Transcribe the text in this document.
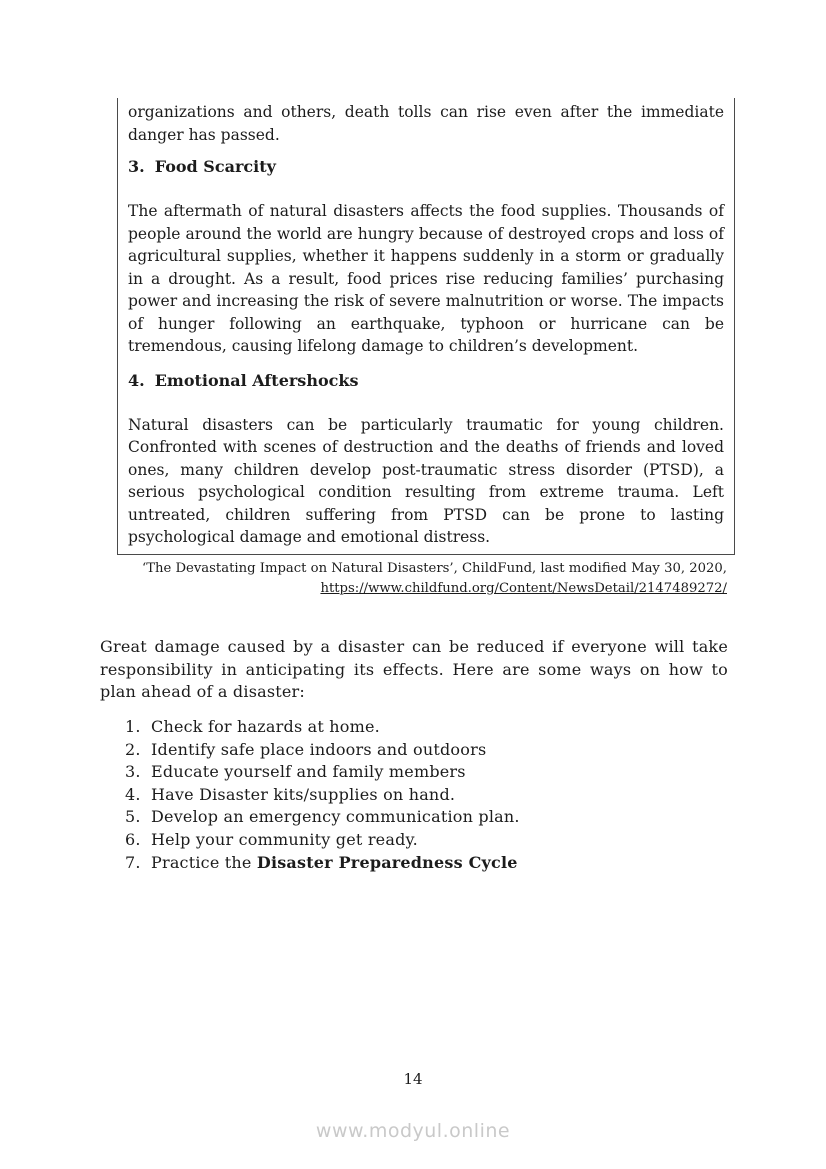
organizations and others, death tolls can rise even after the immediate danger has passed.

3. Food Scarcity

The aftermath of natural disasters affects the food supplies. Thousands of people around the world are hungry because of destroyed crops and loss of agricultural supplies, whether it happens suddenly in a storm or gradually in a drought. As a result, food prices rise reducing families’ purchasing power and increasing the risk of severe malnutrition or worse. The impacts of hunger following an earthquake, typhoon or hurricane can be tremendous, causing lifelong damage to children’s development.

4. Emotional Aftershocks

Natural disasters can be particularly traumatic for young children. Confronted with scenes of destruction and the deaths of friends and loved ones, many children develop post-traumatic stress disorder (PTSD), a serious psychological condition resulting from extreme trauma. Left untreated, children suffering from PTSD can be prone to lasting psychological damage and emotional distress.

‘The Devastating Impact on Natural Disasters’, ChildFund, last modified May 30, 2020,
https://www.childfund.org/Content/NewsDetail/2147489272/

Great damage caused by a disaster can be reduced if everyone will take responsibility in anticipating its effects. Here are some ways on how to plan ahead of a disaster:

1. Check for hazards at home.
2. Identify safe place indoors and outdoors
3. Educate yourself and family members
4. Have Disaster kits/supplies on hand.
5. Develop an emergency communication plan.
6. Help your community get ready.
7. Practice the Disaster Preparedness Cycle
14
www.modyul.online
